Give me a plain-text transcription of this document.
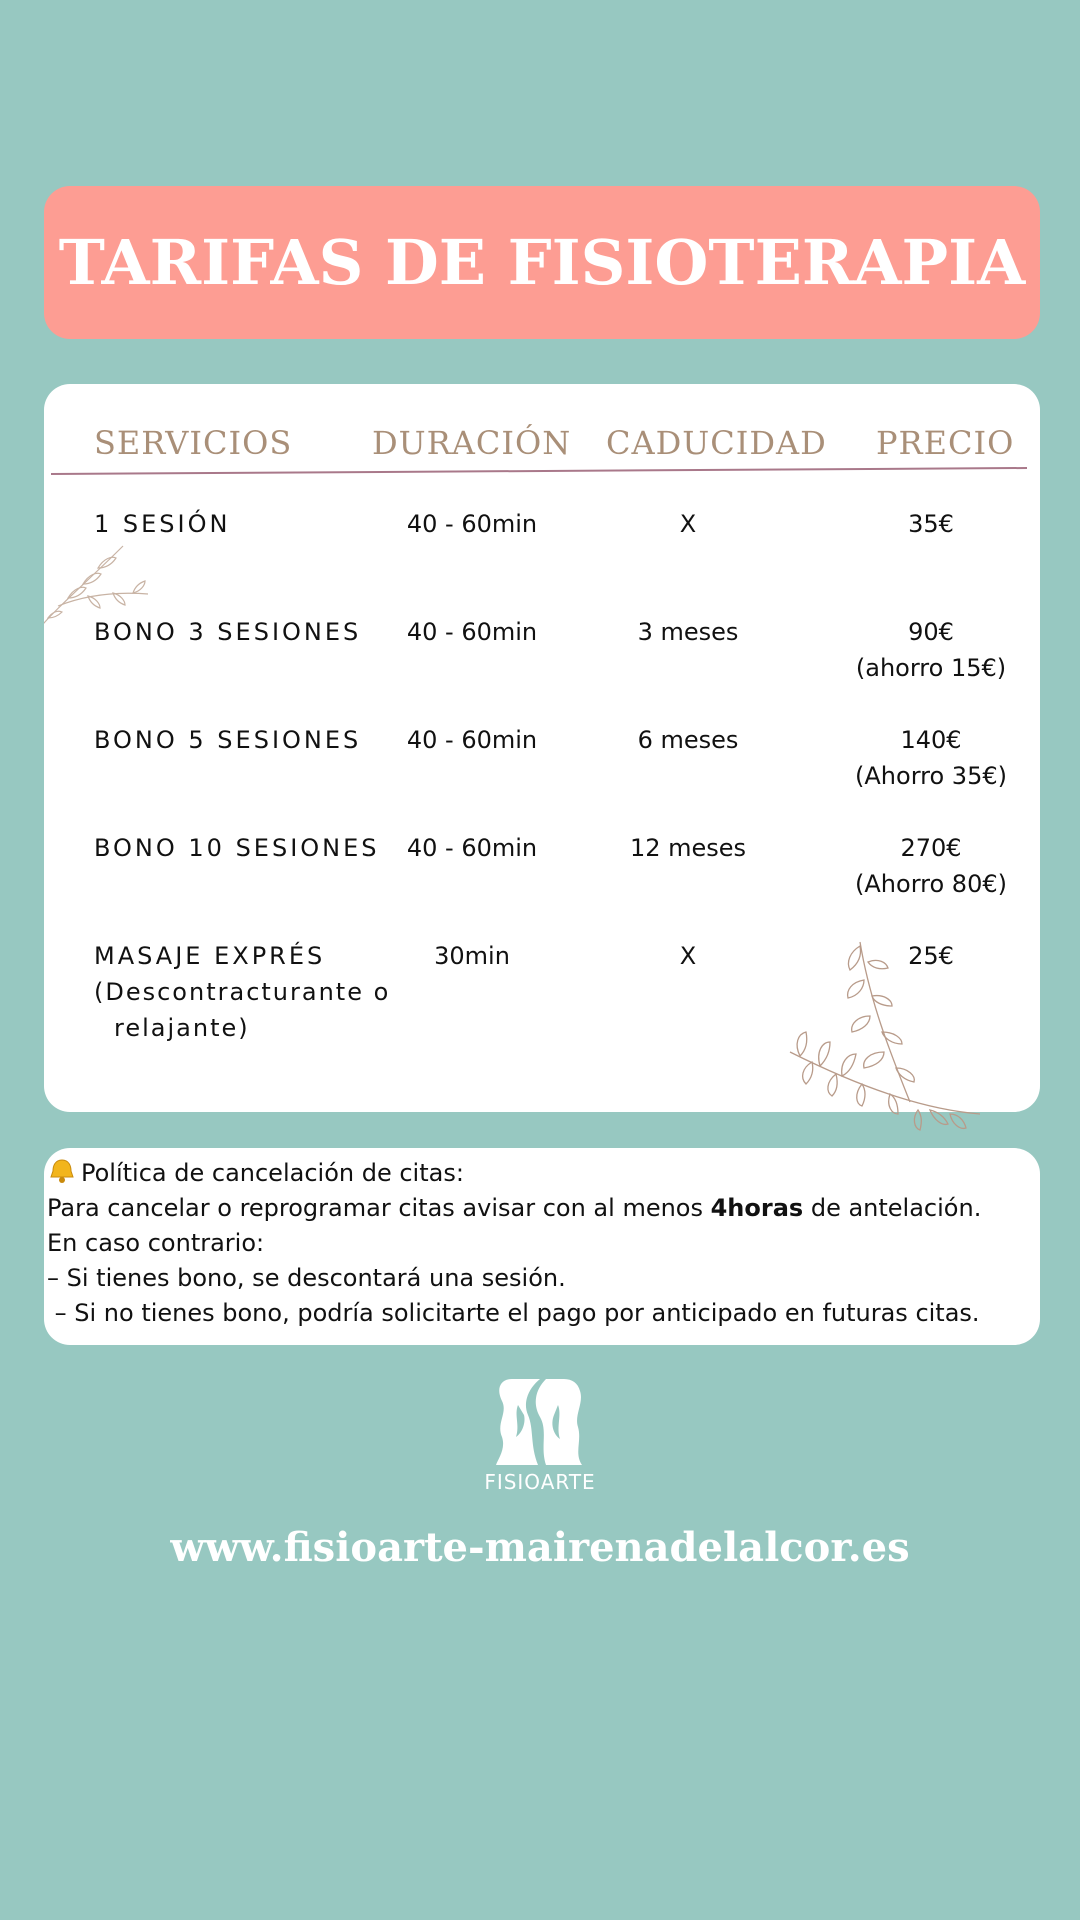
TARIFAS DE FISIOTERAPIA
SERVICIOS DURACIÓN CADUCIDAD PRECIO
1 SESIÓN	40 - 60min	X	35€
BONO 3 SESIONES 40 - 60min	3 meses	90€
(ahorro 15€)
BONO 5 SESIONES 40 - 60min	6 meses	140€
(Ahorro 35€)
BONO 10 SESIONES 40 - 60min	12 meses	270€
(Ahorro 80€)
MASAJE EXPRÉS
(Descontracturante o
relajante)
30min	X	25€
Política de cancelación de citas:
Para cancelar o reprogramar citas avisar con al menos 4horas de antelación.
En caso contrario:
– Si tienes bono, se descontará una sesión.
– Si no tienes bono, podría solicitarte el pago por anticipado en futuras citas.
FISIOARTE
www.fisioarte-mairenadelalcor.es
